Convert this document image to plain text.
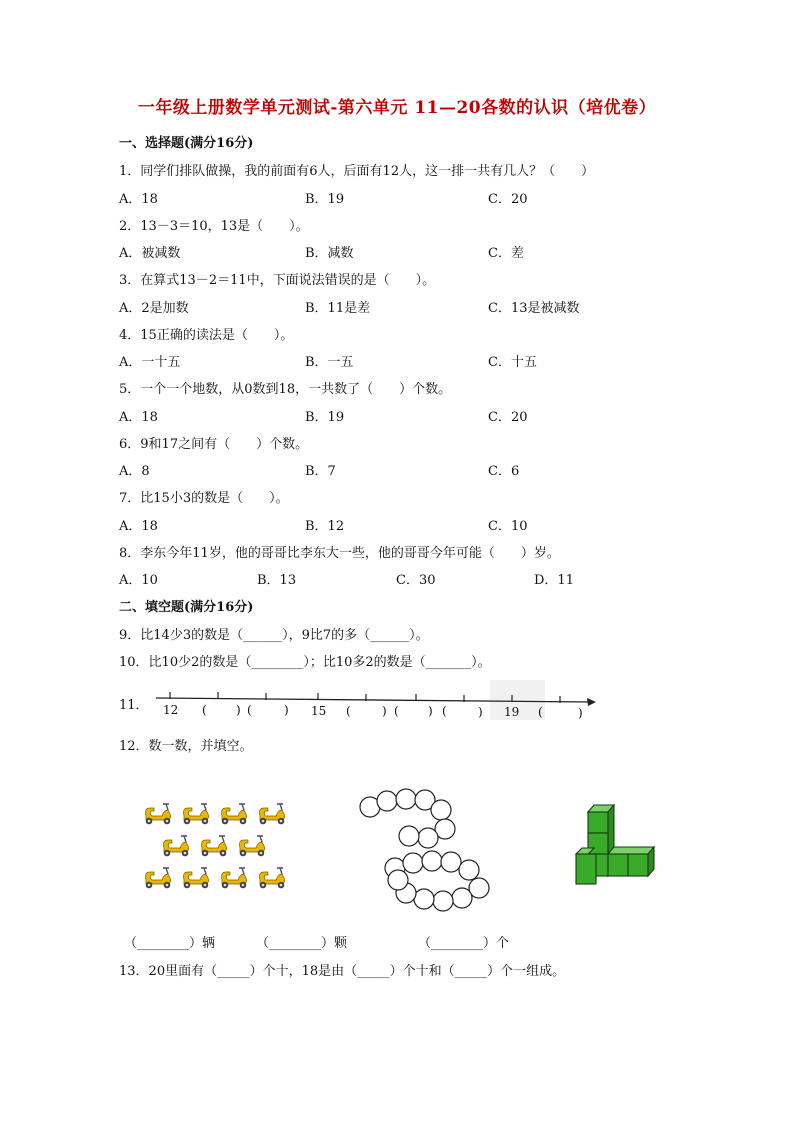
一年级上册数学单元测试-第六单元 11—20各数的认识（培优卷）
一、选择题(满分16分)
1．同学们排队做操，我的前面有6人，后面有12人，这一排一共有几人？（　　）
A．18	B．19	C．20
2．13－3＝10，13是（　　）。
A．被减数	B．减数	C．差
3．在算式13－2＝11中，下面说法错误的是（　　）。
A．2是加数	B．11是差	C．13是被减数
4．15正确的读法是（　　）。
A．一十五	B．一五	C．十五
5．一个一个地数，从0数到18，一共数了（　　）个数。
A．18	B．19	C．20
6．9和17之间有（　　）个数。
A．8	B．7	C．6
7．比15小3的数是（　　）。
A．18	B．12	C．10
8．李东今年11岁，他的哥哥比李东大一些，他的哥哥今年可能（　　）岁。
A．10	B．13	C．30	D．11
二、填空题(满分16分)
9．比14少3的数是（______），9比7的多（______）。
10．比10少2的数是（________）；比10多2的数是（_______）。
11． 12 ( ) (	) 15 (	) ( ) (	) 19 (	)
12．数一数，并填空。
（________）辆	（________）颗	（________）个
13．20里面有（_____）个十，18是由（_____）个十和（_____）个一组成。
